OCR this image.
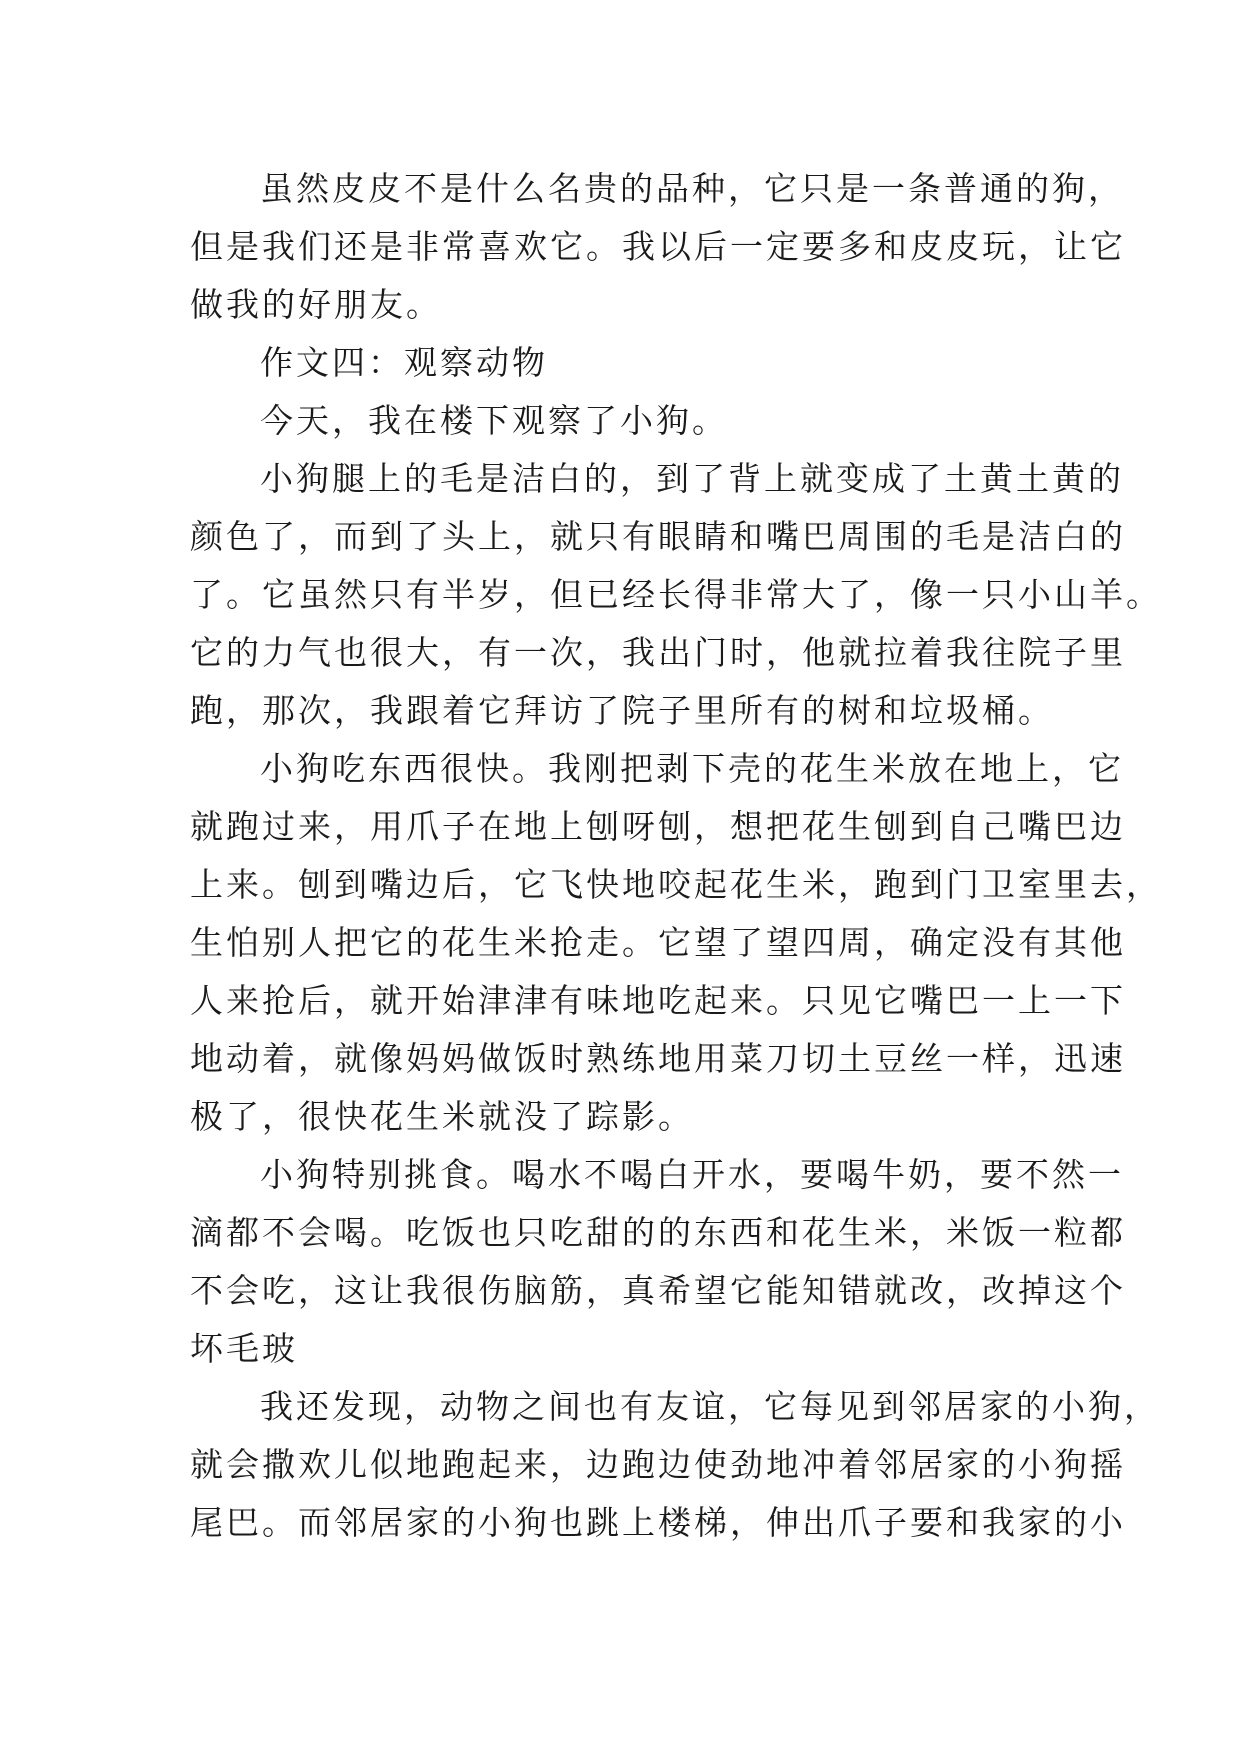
虽然皮皮不是什么名贵的品种，它只是一条普通的狗，
但是我们还是非常喜欢它。我以后一定要多和皮皮玩，让它
做我的好朋友。
作文四：观察动物
今天，我在楼下观察了小狗。
小狗腿上的毛是洁白的，到了背上就变成了土黄土黄的
颜色了，而到了头上，就只有眼睛和嘴巴周围的毛是洁白的
了。它虽然只有半岁，但已经长得非常大了，像一只小山羊。
它的力气也很大，有一次，我出门时，他就拉着我往院子里
跑，那次，我跟着它拜访了院子里所有的树和垃圾桶。
小狗吃东西很快。我刚把剥下壳的花生米放在地上，它
就跑过来，用爪子在地上刨呀刨，想把花生刨到自己嘴巴边
上来。刨到嘴边后，它飞快地咬起花生米，跑到门卫室里去，
生怕别人把它的花生米抢走。它望了望四周，确定没有其他
人来抢后，就开始津津有味地吃起来。只见它嘴巴一上一下
地动着，就像妈妈做饭时熟练地用菜刀切土豆丝一样，迅速
极了，很快花生米就没了踪影。
小狗特别挑食。喝水不喝白开水，要喝牛奶，要不然一
滴都不会喝。吃饭也只吃甜的的东西和花生米，米饭一粒都
不会吃，这让我很伤脑筋，真希望它能知错就改，改掉这个
坏毛玻
我还发现，动物之间也有友谊，它每见到邻居家的小狗，
就会撒欢儿似地跑起来，边跑边使劲地冲着邻居家的小狗摇
尾巴。而邻居家的小狗也跳上楼梯，伸出爪子要和我家的小
